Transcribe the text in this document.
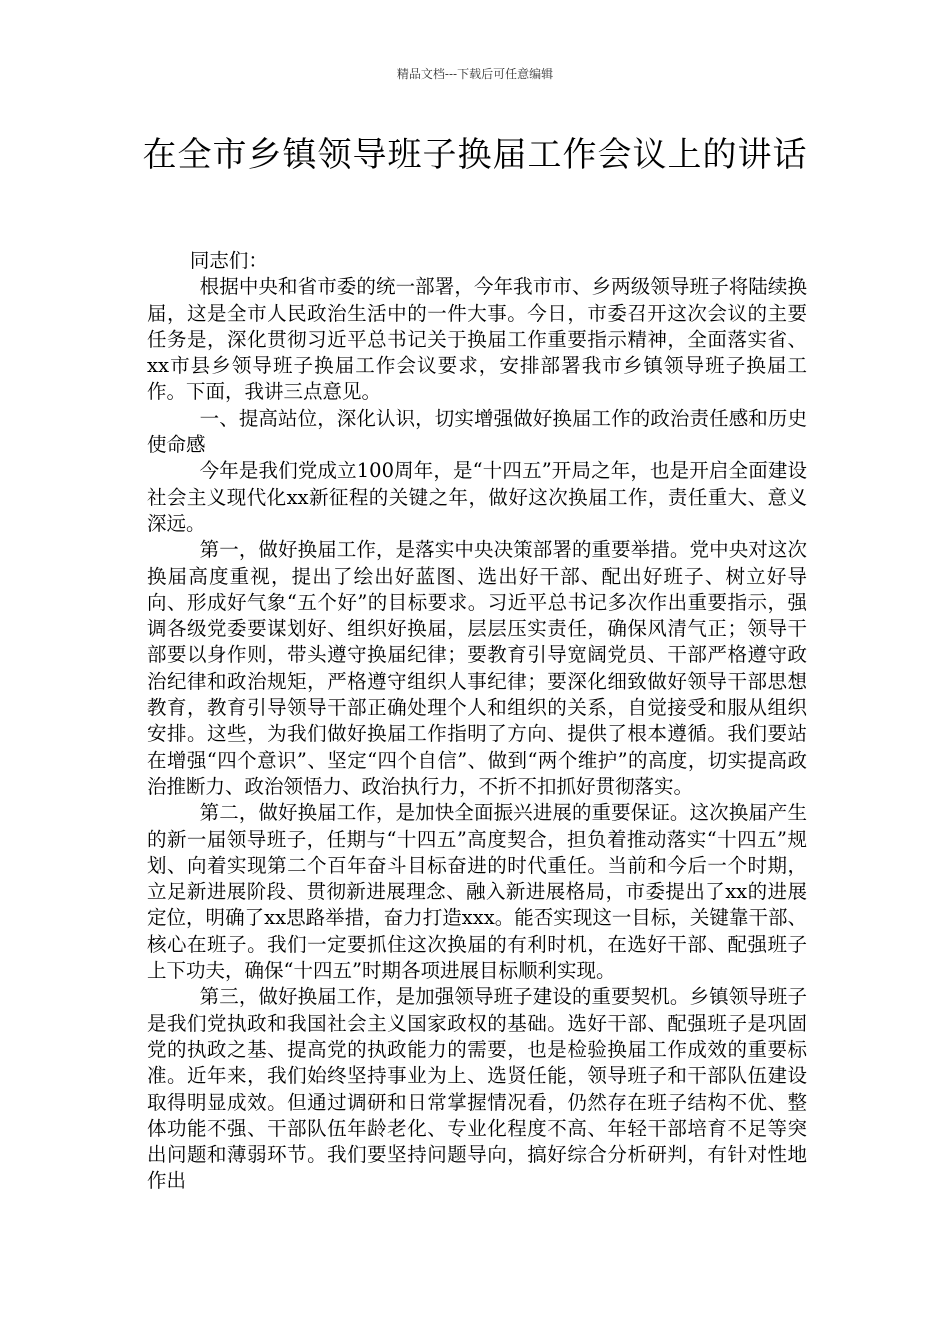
精品文档---下载后可任意编辑
在全市乡镇领导班子换届工作会议上的讲话

同志们：

根据中央和省市委的统一部署，今年我市市、乡两级领导班子将陆续换届，这是全市人民政治生活中的一件大事。今日，市委召开这次会议的主要任务是，深化贯彻习近平总书记关于换届工作重要指示精神，全面落实省、xx市县乡领导班子换届工作会议要求，安排部署我市乡镇领导班子换届工作。下面，我讲三点意见。

一、提高站位，深化认识，切实增强做好换届工作的政治责任感和历史使命感

今年是我们党成立100周年，是“十四五”开局之年，也是开启全面建设社会主义现代化xx新征程的关键之年，做好这次换届工作，责任重大、意义深远。

第一，做好换届工作，是落实中央决策部署的重要举措。党中央对这次换届高度重视，提出了绘出好蓝图、选出好干部、配出好班子、树立好导向、形成好气象“五个好”的目标要求。习近平总书记多次作出重要指示，强调各级党委要谋划好、组织好换届，层层压实责任，确保风清气正；领导干部要以身作则，带头遵守换届纪律；要教育引导宽阔党员、干部严格遵守政治纪律和政治规矩，严格遵守组织人事纪律；要深化细致做好领导干部思想教育，教育引导领导干部正确处理个人和组织的关系，自觉接受和服从组织安排。这些，为我们做好换届工作指明了方向、提供了根本遵循。我们要站在增强“四个意识”、坚定“四个自信”、做到“两个维护”的高度，切实提高政治推断力、政治领悟力、政治执行力，不折不扣抓好贯彻落实。

第二，做好换届工作，是加快全面振兴进展的重要保证。这次换届产生的新一届领导班子，任期与“十四五”高度契合，担负着推动落实“十四五”规划、向着实现第二个百年奋斗目标奋进的时代重任。当前和今后一个时期，立足新进展阶段、贯彻新进展理念、融入新进展格局，市委提出了xx的进展定位，明确了xx思路举措，奋力打造xxx。能否实现这一目标，关键靠干部、核心在班子。我们一定要抓住这次换届的有利时机，在选好干部、配强班子上下功夫，确保“十四五”时期各项进展目标顺利实现。

第三，做好换届工作，是加强领导班子建设的重要契机。乡镇领导班子是我们党执政和我国社会主义国家政权的基础。选好干部、配强班子是巩固党的执政之基、提高党的执政能力的需要，也是检验换届工作成效的重要标准。近年来，我们始终坚持事业为上、选贤任能，领导班子和干部队伍建设取得明显成效。但通过调研和日常掌握情况看，仍然存在班子结构不优、整体功能不强、干部队伍年龄老化、专业化程度不高、年轻干部培育不足等突出问题和薄弱环节。我们要坚持问题导向，搞好综合分析研判，有针对性地作出
